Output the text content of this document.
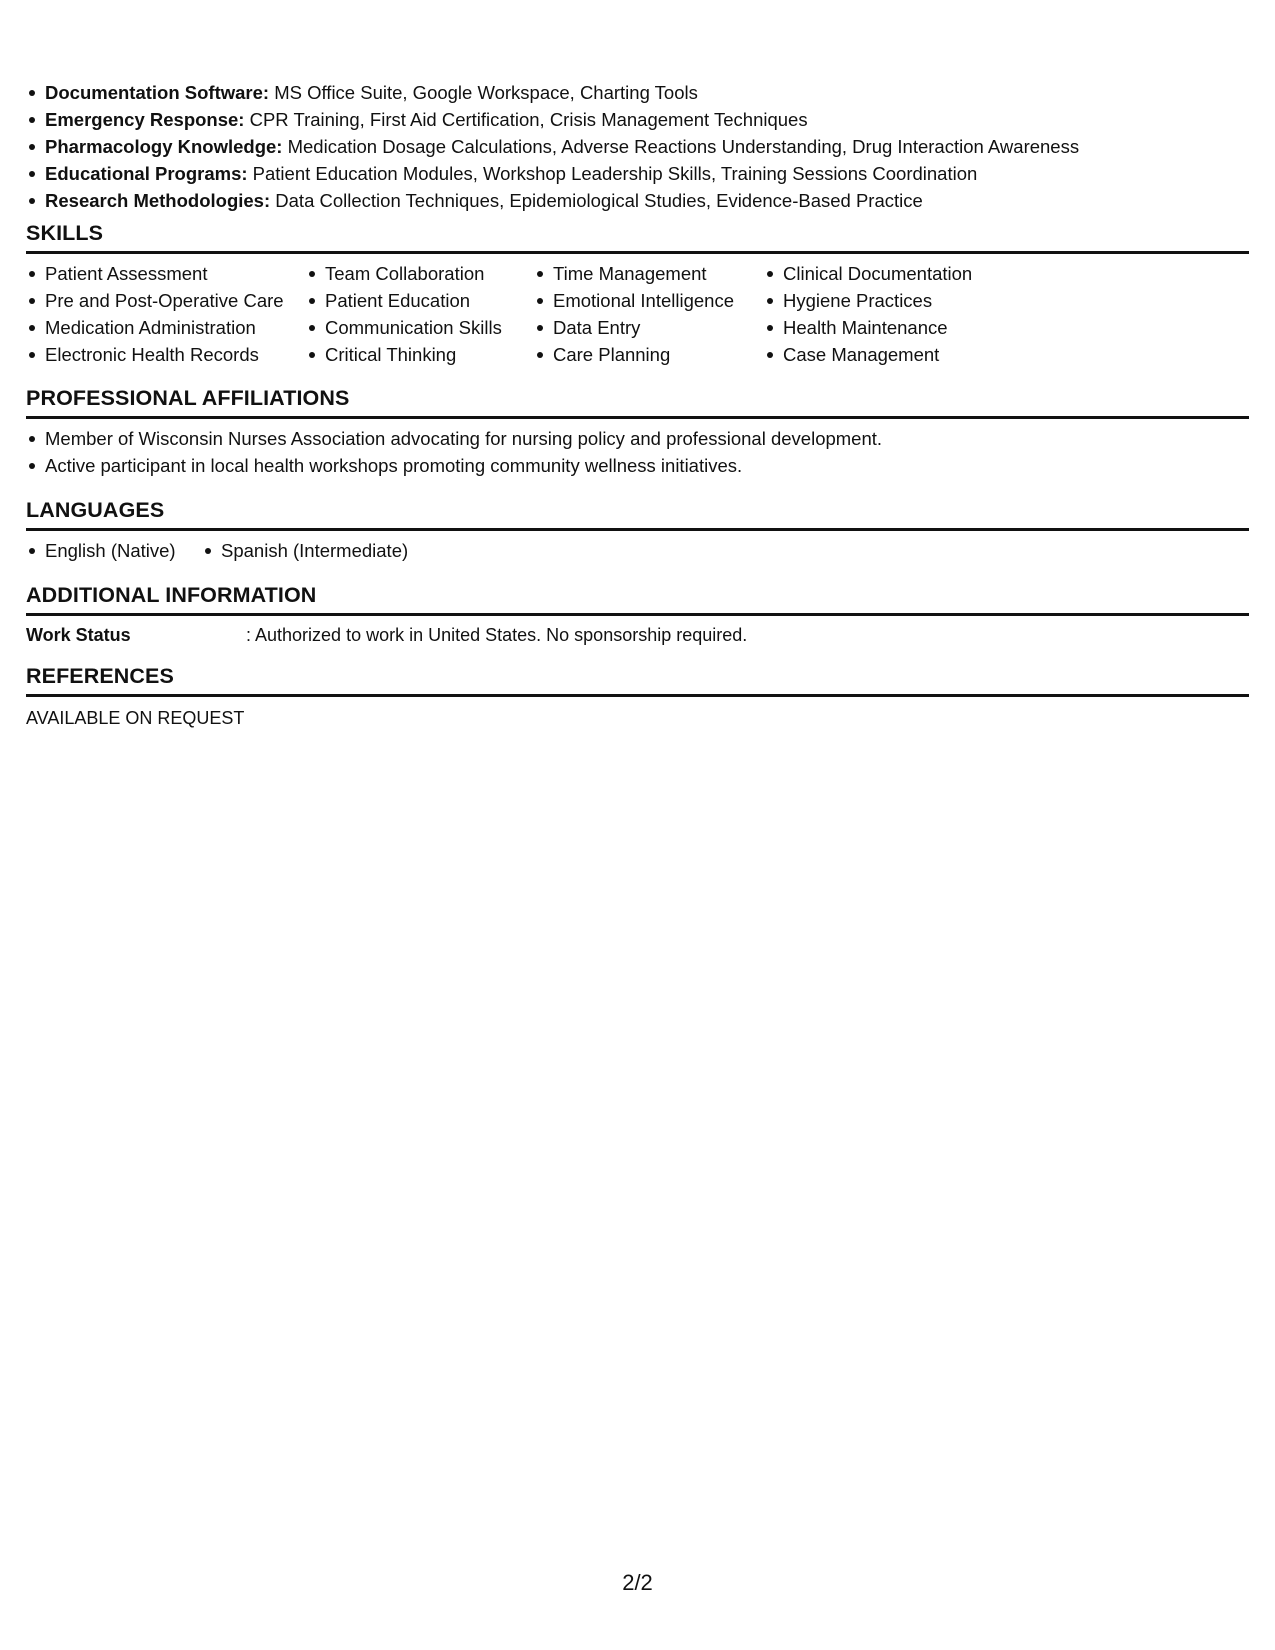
Documentation Software: MS Office Suite, Google Workspace, Charting Tools
Emergency Response: CPR Training, First Aid Certification, Crisis Management Techniques
Pharmacology Knowledge: Medication Dosage Calculations, Adverse Reactions Understanding, Drug Interaction Awareness
Educational Programs: Patient Education Modules, Workshop Leadership Skills, Training Sessions Coordination
Research Methodologies: Data Collection Techniques, Epidemiological Studies, Evidence-Based Practice
SKILLS
Patient Assessment
Pre and Post-Operative Care
Medication Administration
Electronic Health Records
Team Collaboration
Patient Education
Communication Skills
Critical Thinking
Time Management
Emotional Intelligence
Data Entry
Care Planning
Clinical Documentation
Hygiene Practices
Health Maintenance
Case Management
PROFESSIONAL AFFILIATIONS
Member of Wisconsin Nurses Association advocating for nursing policy and professional development.
Active participant in local health workshops promoting community wellness initiatives.
LANGUAGES
English (Native)	Spanish (Intermediate)
ADDITIONAL INFORMATION
Work Status	: Authorized to work in United States. No sponsorship required.
REFERENCES
AVAILABLE ON REQUEST
2/2
